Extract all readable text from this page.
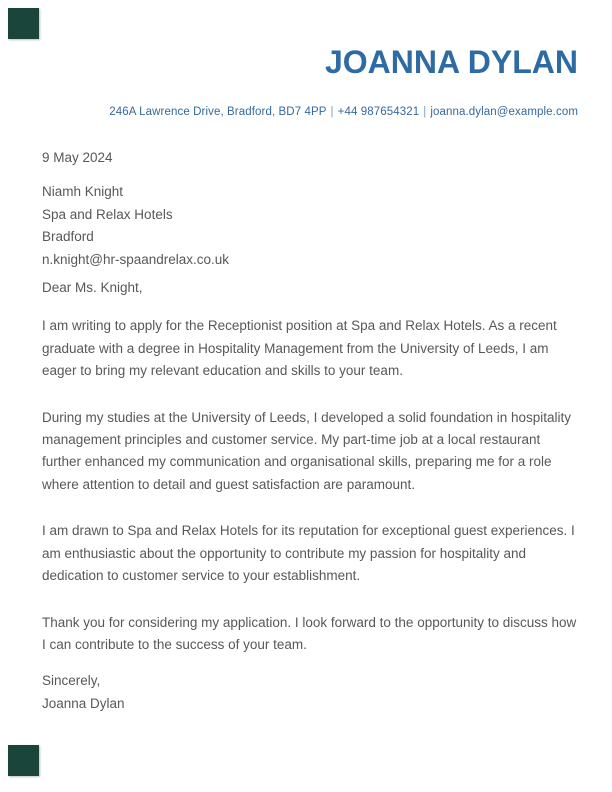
JOANNA DYLAN
246A Lawrence Drive, Bradford, BD7 4PP | +44 987654321 | joanna.dylan@example.com

9 May 2024

Niamh Knight
Spa and Relax Hotels
Bradford
n.knight@hr-spaandrelax.co.uk

Dear Ms. Knight,

I am writing to apply for the Receptionist position at Spa and Relax Hotels. As a recent graduate with a degree in Hospitality Management from the University of Leeds, I am eager to bring my relevant education and skills to your team.

During my studies at the University of Leeds, I developed a solid foundation in hospitality management principles and customer service. My part-time job at a local restaurant further enhanced my communication and organisational skills, preparing me for a role where attention to detail and guest satisfaction are paramount.

I am drawn to Spa and Relax Hotels for its reputation for exceptional guest experiences. I am enthusiastic about the opportunity to contribute my passion for hospitality and dedication to customer service to your establishment.

Thank you for considering my application. I look forward to the opportunity to discuss how I can contribute to the success of your team.

Sincerely,
Joanna Dylan
